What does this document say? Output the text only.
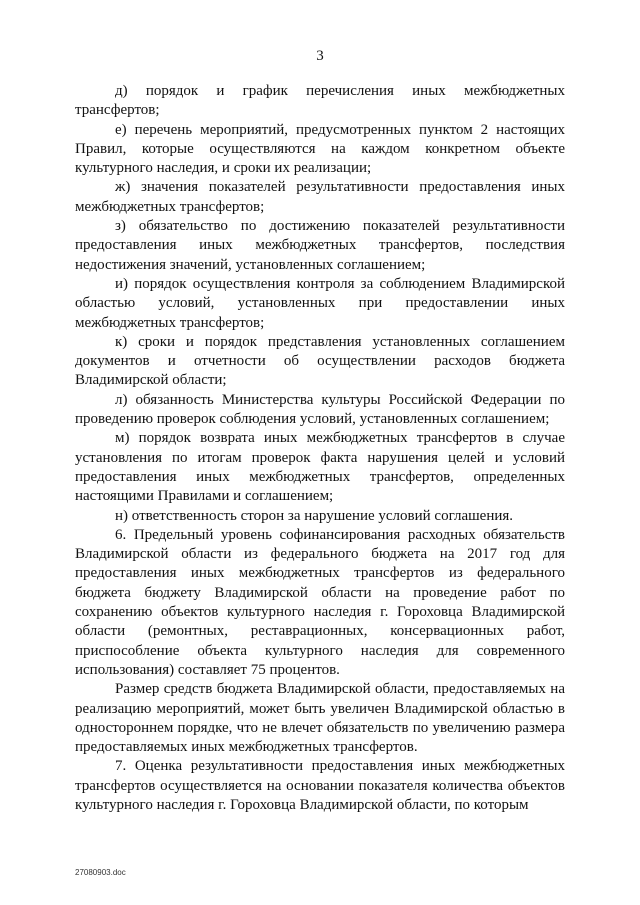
3

д) порядок и график перечисления иных межбюджетных трансфертов;

е) перечень мероприятий, предусмотренных пунктом 2 настоящих Правил, которые осуществляются на каждом конкретном объекте культурного наследия, и сроки их реализации;

ж) значения показателей результативности предоставления иных межбюджетных трансфертов;

з) обязательство по достижению показателей результативности предоставления иных межбюджетных трансфертов, последствия недостижения значений, установленных соглашением;

и) порядок осуществления контроля за соблюдением Владимирской областью условий, установленных при предоставлении иных межбюджетных трансфертов;

к) сроки и порядок представления установленных соглашением документов и отчетности об осуществлении расходов бюджета Владимирской области;

л) обязанность Министерства культуры Российской Федерации по проведению проверок соблюдения условий, установленных соглашением;

м) порядок возврата иных межбюджетных трансфертов в случае установления по итогам проверок факта нарушения целей и условий предоставления иных межбюджетных трансфертов, определенных настоящими Правилами и соглашением;

н) ответственность сторон за нарушение условий соглашения.

6. Предельный уровень софинансирования расходных обязательств Владимирской области из федерального бюджета на 2017 год для предоставления иных межбюджетных трансфертов из федерального бюджета бюджету Владимирской области на проведение работ по сохранению объектов культурного наследия г. Гороховца Владимирской области (ремонтных, реставрационных, консервационных работ, приспособление объекта культурного наследия для современного использования) составляет 75 процентов.

Размер средств бюджета Владимирской области, предоставляемых на реализацию мероприятий, может быть увеличен Владимирской областью в одностороннем порядке, что не влечет обязательств по увеличению размера предоставляемых иных межбюджетных трансфертов.

7. Оценка результативности предоставления иных межбюджетных трансфертов осуществляется на основании показателя количества объектов культурного наследия г. Гороховца Владимирской области, по которым

27080903.doc
